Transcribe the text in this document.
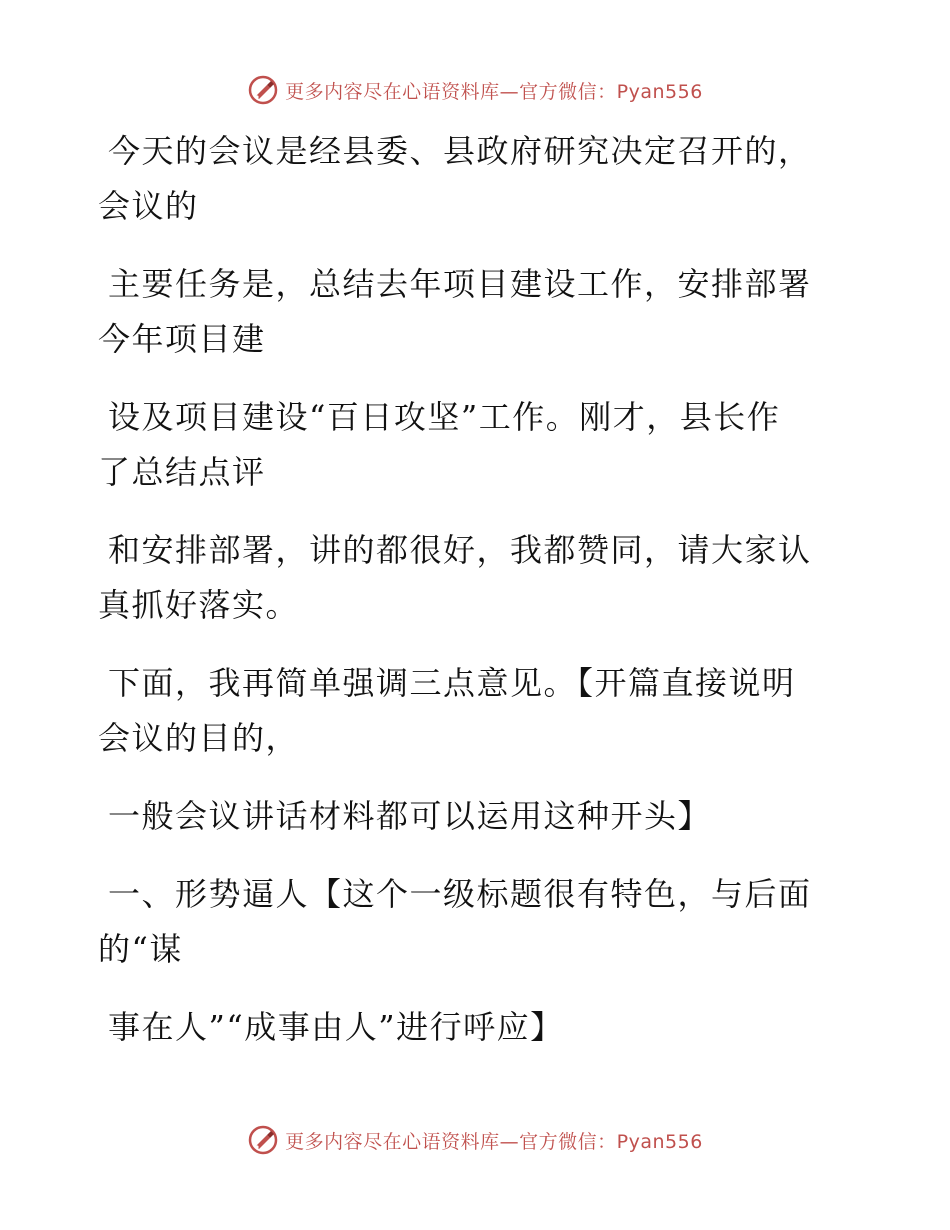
更多内容尽在心语资料库—官方微信：Pyan556

今天的会议是经县委、县政府研究决定召开的，
会议的

主要任务是，总结去年项目建设工作，安排部署
今年项目建

设及项目建设“百日攻坚”工作。刚才，县长作
了总结点评

和安排部署，讲的都很好，我都赞同，请大家认
真抓好落实。

下面，我再简单强调三点意见。【开篇直接说明
会议的目的，

一般会议讲话材料都可以运用这种开头】

一、形势逼人【这个一级标题很有特色，与后面
的“谋

事在人”“成事由人”进行呼应】

更多内容尽在心语资料库—官方微信：Pyan556
